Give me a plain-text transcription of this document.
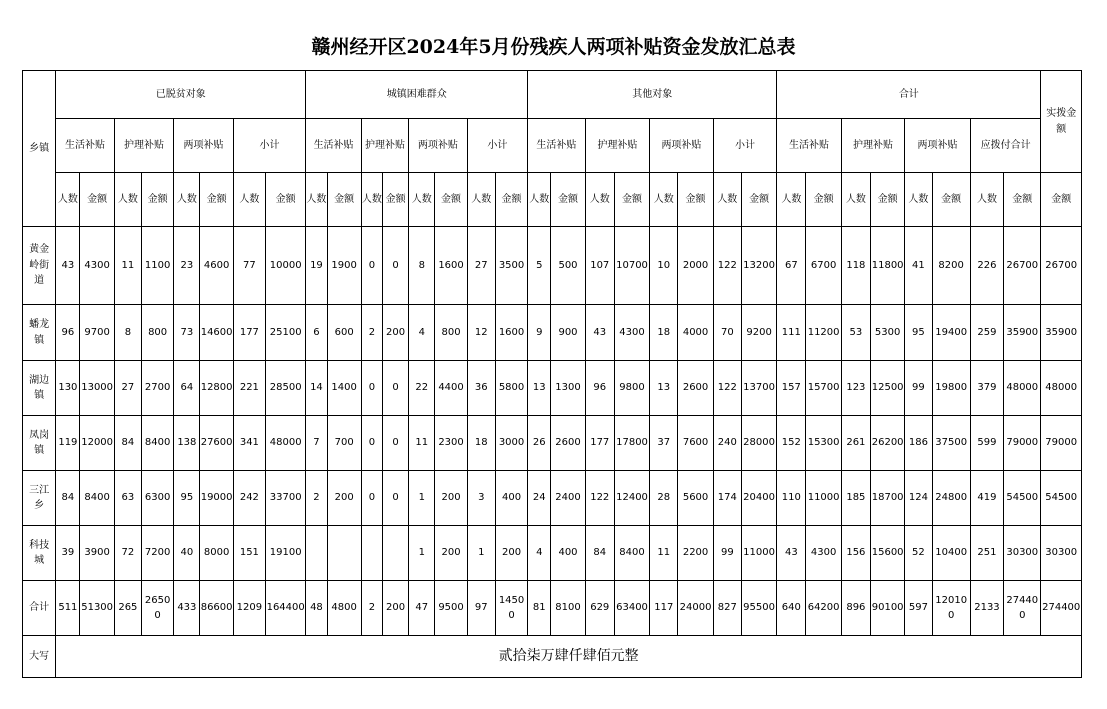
赣州经开区2024年5月份残疾人两项补贴资金发放汇总表
乡镇	已脱贫对象								城镇困难群众								其他对象								合计								实拨金额
	生活补贴		护理补贴		两项补贴		小计		生活补贴		护理补贴		两项补贴		小计		生活补贴		护理补贴		两项补贴		小计		生活补贴		护理补贴		两项补贴		应拨付合计		
	人数	金额	人数	金额	人数	金额	人数	金额	人数	金额	人数	金额	人数	金额	人数	金额	人数	金额	人数	金额	人数	金额	人数	金额	人数	金额	人数	金额	人数	金额	人数	金额	金额
黄金岭街道	43	4300	11	1100	23	4600	77	10000	19	1900	0	0	8	1600	27	3500	5	500	107	10700	10	2000	122	13200	67	6700	118	11800	41	8200	226	26700	26700
蟠龙镇	96	9700	8	800	73	14600	177	25100	6	600	2	200	4	800	12	1600	9	900	43	4300	18	4000	70	9200	111	11200	53	5300	95	19400	259	35900	35900
湖边镇	130	13000	27	2700	64	12800	221	28500	14	1400	0	0	22	4400	36	5800	13	1300	96	9800	13	2600	122	13700	157	15700	123	12500	99	19800	379	48000	48000
凤岗镇	119	12000	84	8400	138	27600	341	48000	7	700	0	0	11	2300	18	3000	26	2600	177	17800	37	7600	240	28000	152	15300	261	26200	186	37500	599	79000	79000
三江乡	84	8400	63	6300	95	19000	242	33700	2	200	0	0	1	200	3	400	24	2400	122	12400	28	5600	174	20400	110	11000	185	18700	124	24800	419	54500	54500
科技城	39	3900	72	7200	40	8000	151	19100					1	200	1	200	4	400	84	8400	11	2200	99	11000	43	4300	156	15600	52	10400	251	30300	30300
合计	511	51300	265	26500	433	86600	1209	164400	48	4800	2	200	47	9500	97	14500	81	8100	629	63400	117	24000	827	95500	640	64200	896	90100	597	120100	2133	274400	274400
大写	贰拾柒万肆仟肆佰元整																																
